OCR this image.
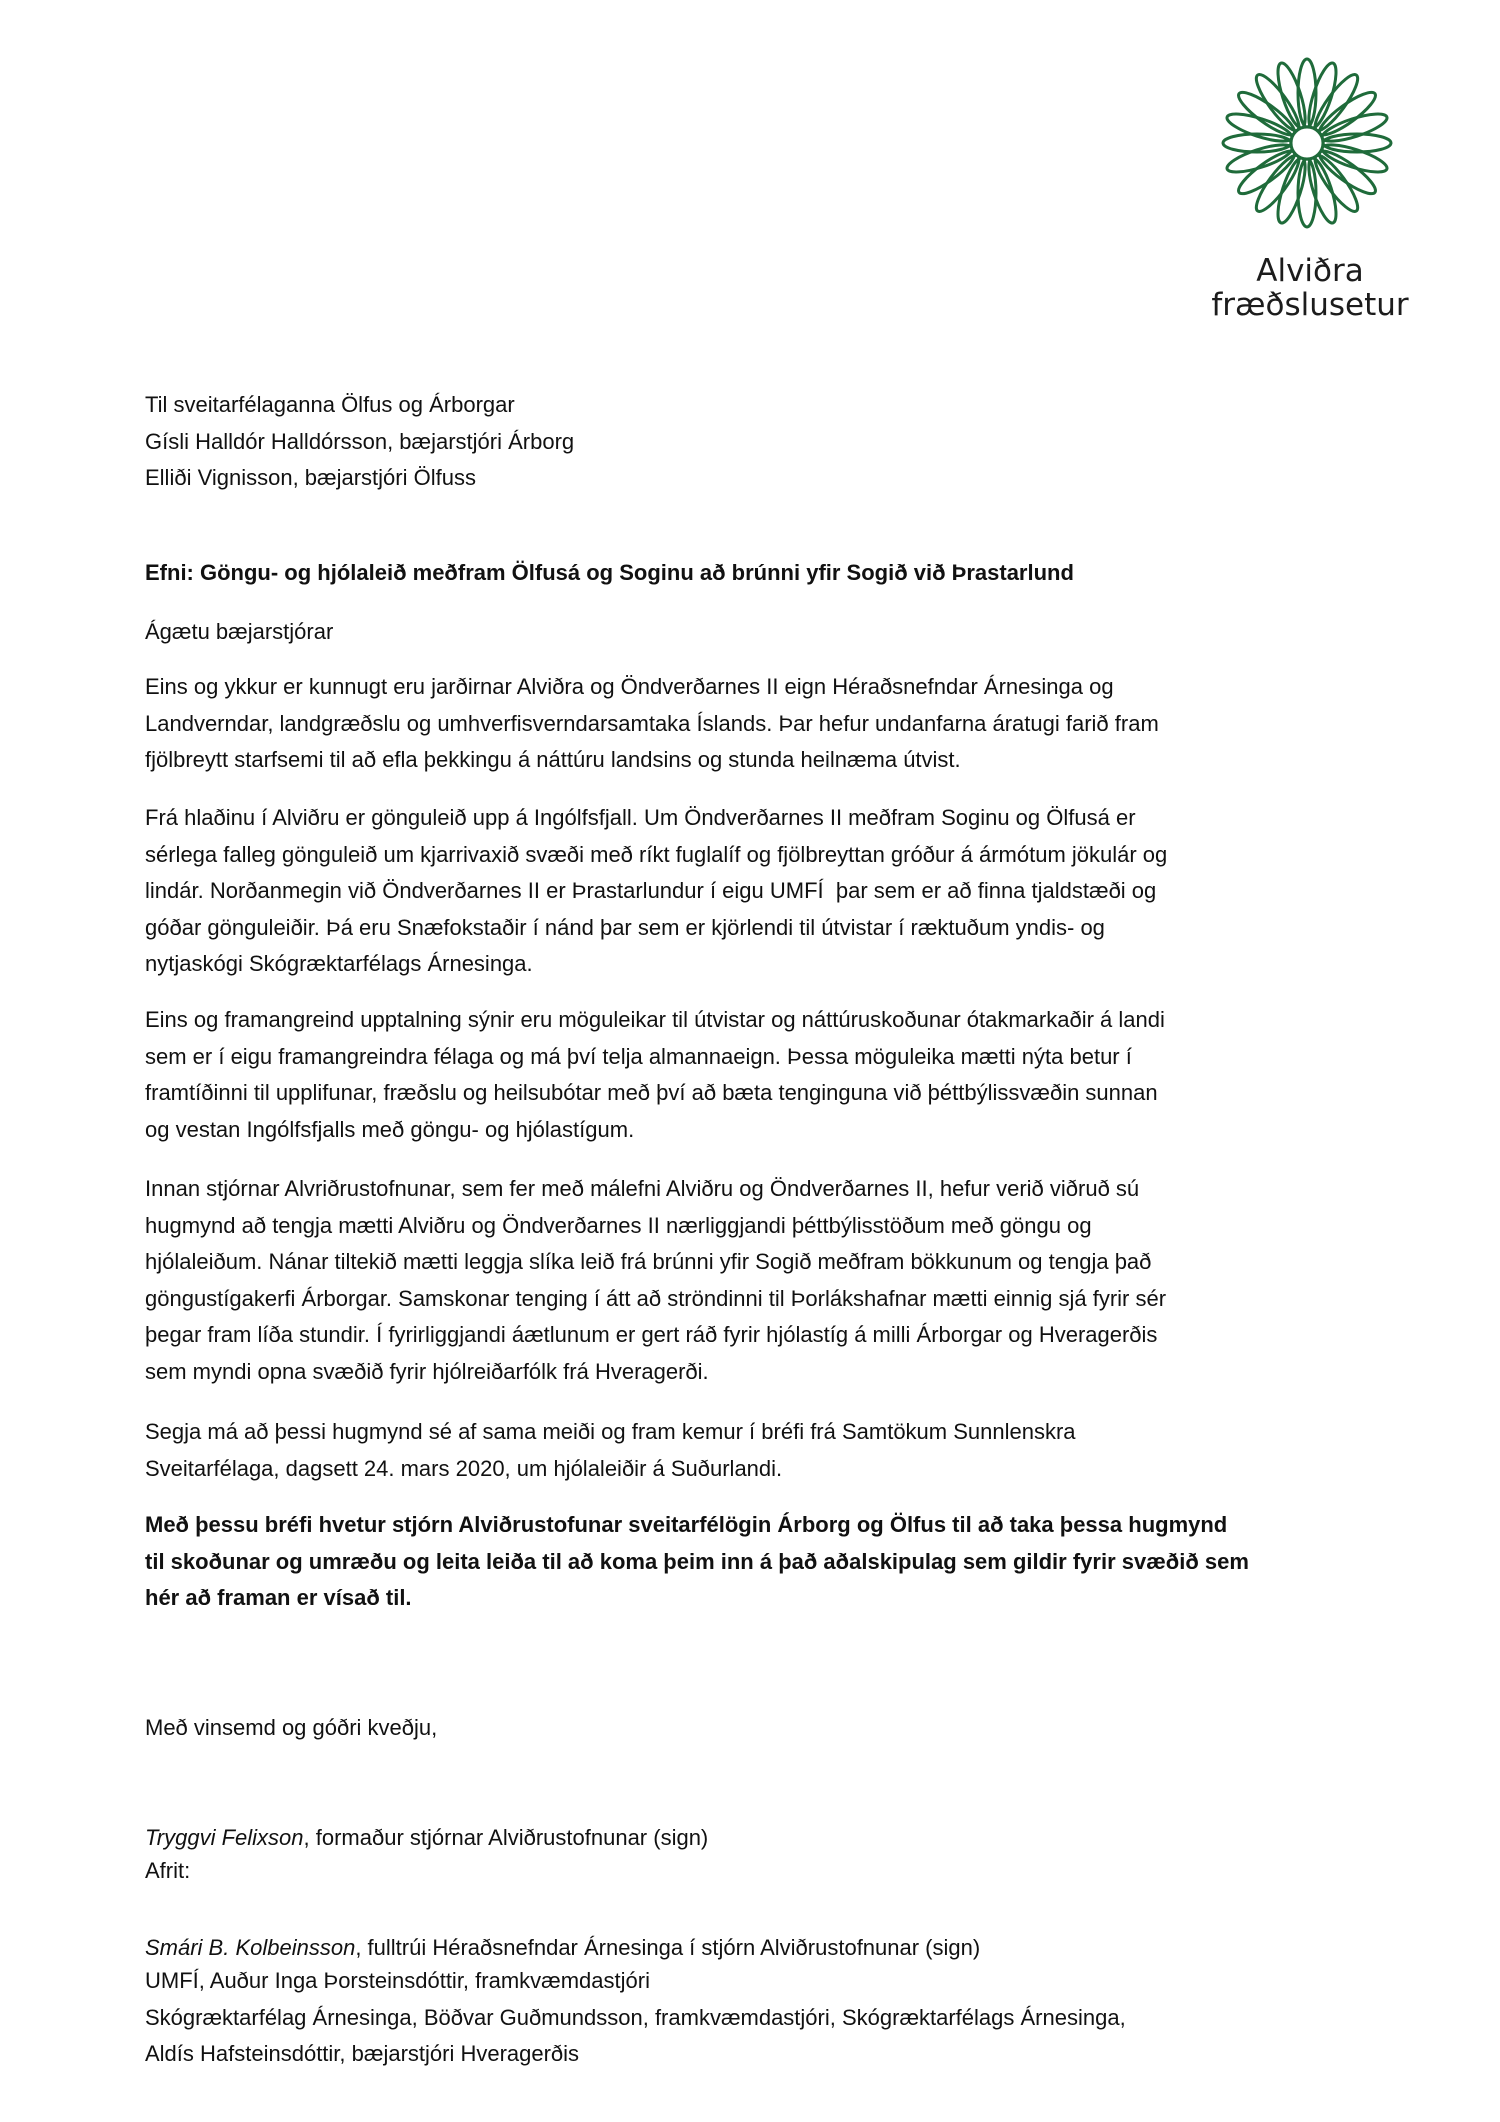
Alviðra
fræðslusetur
Til sveitarfélaganna Ölfus og Árborgar
Gísli Halldór Halldórsson, bæjarstjóri Árborg
Elliði Vignisson, bæjarstjóri Ölfuss
Efni: Göngu- og hjólaleið meðfram Ölfusá og Soginu að brúnni yfir Sogið við Þrastarlund
Ágætu bæjarstjórar
Eins og ykkur er kunnugt eru jarðirnar Alviðra og Öndverðarnes II eign Héraðsnefndar Árnesinga og
Landverndar, landgræðslu og umhverfisverndarsamtaka Íslands. Þar hefur undanfarna áratugi farið fram
fjölbreytt starfsemi til að efla þekkingu á náttúru landsins og stunda heilnæma útvist.
Frá hlaðinu í Alviðru er gönguleið upp á Ingólfsfjall. Um Öndverðarnes II meðfram Soginu og Ölfusá er
sérlega falleg gönguleið um kjarrivaxið svæði með ríkt fuglalíf og fjölbreyttan gróður á ármótum jökulár og
lindár. Norðanmegin við Öndverðarnes II er Þrastarlundur í eigu UMFÍ  þar sem er að finna tjaldstæði og
góðar gönguleiðir. Þá eru Snæfokstaðir í nánd þar sem er kjörlendi til útvistar í ræktuðum yndis- og
nytjaskógi Skógræktarfélags Árnesinga.
Eins og framangreind upptalning sýnir eru möguleikar til útvistar og náttúruskoðunar ótakmarkaðir á landi
sem er í eigu framangreindra félaga og má því telja almannaeign. Þessa möguleika mætti nýta betur í
framtíðinni til upplifunar, fræðslu og heilsubótar með því að bæta tenginguna við þéttbýlissvæðin sunnan
og vestan Ingólfsfjalls með göngu- og hjólastígum.
Innan stjórnar Alvriðrustofnunar, sem fer með málefni Alviðru og Öndverðarnes II, hefur verið viðruð sú
hugmynd að tengja mætti Alviðru og Öndverðarnes II nærliggjandi þéttbýlisstöðum með göngu og
hjólaleiðum. Nánar tiltekið mætti leggja slíka leið frá brúnni yfir Sogið meðfram bökkunum og tengja það
göngustígakerfi Árborgar. Samskonar tenging í átt að ströndinni til Þorlákshafnar mætti einnig sjá fyrir sér
þegar fram líða stundir. Í fyrirliggjandi áætlunum er gert ráð fyrir hjólastíg á milli Árborgar og Hveragerðis
sem myndi opna svæðið fyrir hjólreiðarfólk frá Hveragerði.
Segja má að þessi hugmynd sé af sama meiði og fram kemur í bréfi frá Samtökum Sunnlenskra
Sveitarfélaga, dagsett 24. mars 2020, um hjólaleiðir á Suðurlandi.
Með þessu bréfi hvetur stjórn Alviðrustofunar sveitarfélögin Árborg og Ölfus til að taka þessa hugmynd
til skoðunar og umræðu og leita leiða til að koma þeim inn á það aðalskipulag sem gildir fyrir svæðið sem
hér að framan er vísað til.

Með vinsemd og góðri kveðju,

Tryggvi Felixson, formaður stjórnar Alviðrustofnunar (sign)

Smári B. Kolbeinsson, fulltrúi Héraðsnefndar Árnesinga í stjórn Alviðrustofnunar (sign)

Afrit:

UMFÍ, Auður Inga Þorsteinsdóttir, framkvæmdastjóri
Skógræktarfélag Árnesinga, Böðvar Guðmundsson, framkvæmdastjóri, Skógræktarfélags Árnesinga,
Aldís Hafsteinsdóttir, bæjarstjóri Hveragerðis
